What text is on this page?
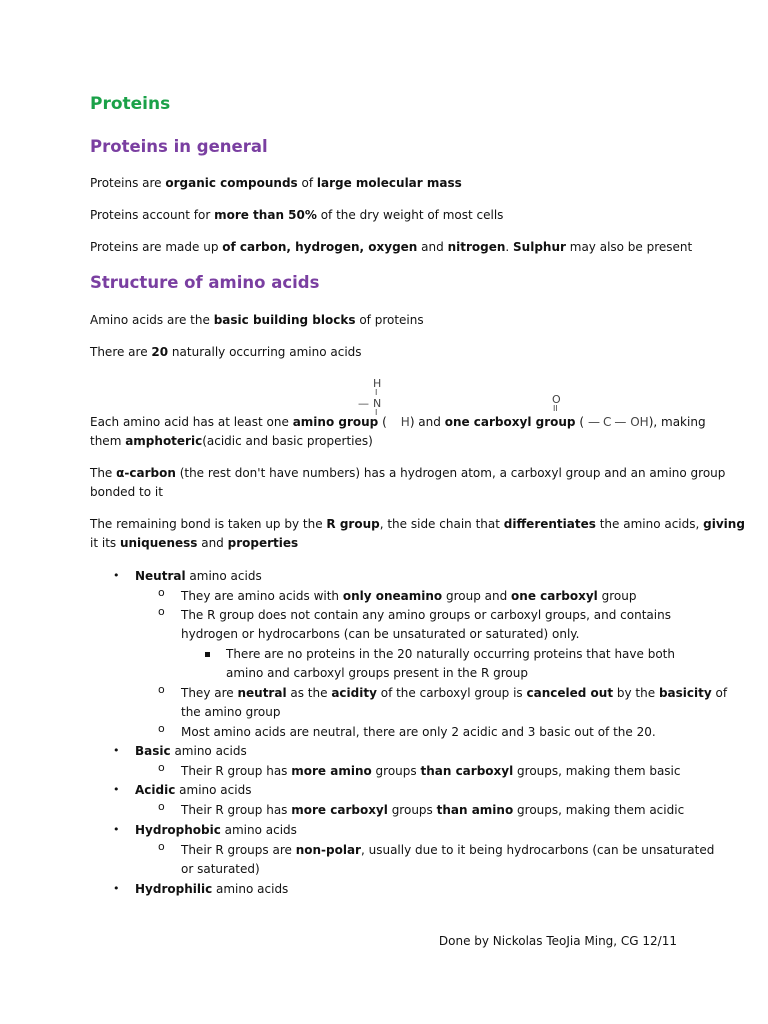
Proteins
Proteins in general
Proteins are organic compounds of large molecular mass
Proteins account for more than 50% of the dry weight of most cells
Proteins are made up of carbon, hydrogen, oxygen and nitrogen. Sulphur may also be present
Structure of amino acids
Amino acids are the basic building blocks of proteins
There are 20 naturally occurring amino acids
H
I
— N
I
O
II
Each amino acid has at least one amino group ( H) and one carboxyl group ( — C — OH), making
them amphoteric(acidic and basic properties)
The α-carbon (the rest don't have numbers) has a hydrogen atom, a carboxyl group and an amino group
bonded to it
The remaining bond is taken up by the R group, the side chain that differentiates the amino acids, giving
it its uniqueness and properties
• Neutral amino acids
o They are amino acids with only oneamino group and one carboxyl group
o The R group does not contain any amino groups or carboxyl groups, and contains
hydrogen or hydrocarbons (can be unsaturated or saturated) only.
There are no proteins in the 20 naturally occurring proteins that have both
amino and carboxyl groups present in the R group
o They are neutral as the acidity of the carboxyl group is canceled out by the basicity of
the amino group
o Most amino acids are neutral, there are only 2 acidic and 3 basic out of the 20.
• Basic amino acids
o Their R group has more amino groups than carboxyl groups, making them basic
• Acidic amino acids
o Their R group has more carboxyl groups than amino groups, making them acidic
• Hydrophobic amino acids
o Their R groups are non-polar, usually due to it being hydrocarbons (can be unsaturated
or saturated)
• Hydrophilic amino acids
Done by Nickolas TeoJia Ming, CG 12/11
